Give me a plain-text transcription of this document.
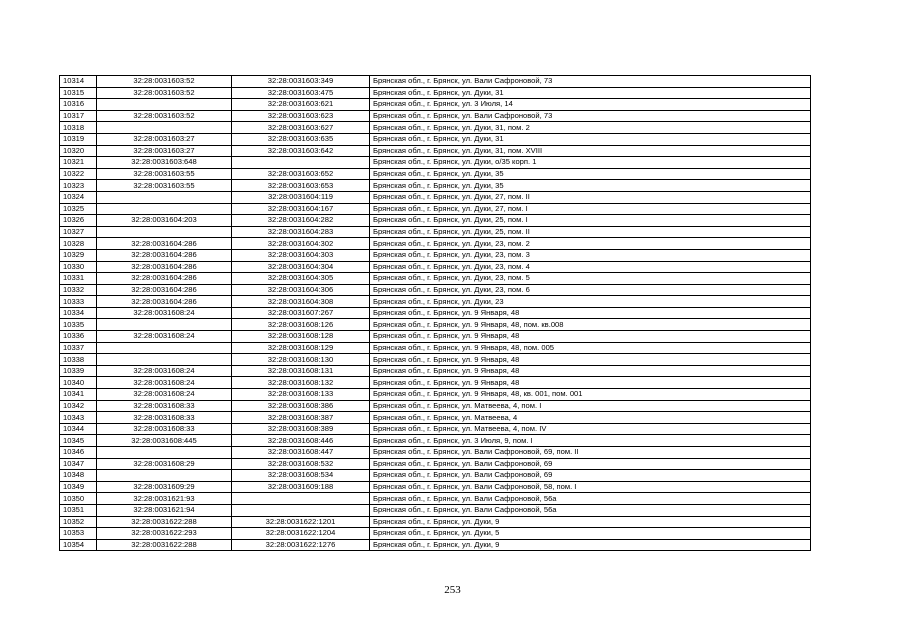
10314	32:28:0031603:52	32:28:0031603:349	Брянская обл., г. Брянск, ул. Вали Сафроновой, 73
10315	32:28:0031603:52	32:28:0031603:475	Брянская обл., г. Брянск, ул. Дуки, 31
10316		32:28:0031603:621	Брянская обл., г. Брянск, ул. 3 Июля, 14
10317	32:28:0031603:52	32:28:0031603:623	Брянская обл., г. Брянск, ул. Вали Сафроновой, 73
10318		32:28:0031603:627	Брянская обл., г. Брянск, ул. Дуки, 31, пом. 2
10319	32:28:0031603:27	32:28:0031603:635	Брянская обл., г. Брянск, ул. Дуки, 31
10320	32:28:0031603:27	32:28:0031603:642	Брянская обл., г. Брянск, ул. Дуки, 31, пом. XVIII
10321	32:28:0031603:648		Брянская обл., г. Брянск, ул. Дуки, о/35 корп. 1
10322	32:28:0031603:55	32:28:0031603:652	Брянская обл., г. Брянск, ул. Дуки, 35
10323	32:28:0031603:55	32:28:0031603:653	Брянская обл., г. Брянск, ул. Дуки, 35
10324		32:28:0031604:119	Брянская обл., г. Брянск, ул. Дуки, 27, пом. II
10325		32:28:0031604:167	Брянская обл., г. Брянск, ул. Дуки, 27, пом. I
10326	32:28:0031604:203	32:28:0031604:282	Брянская обл., г. Брянск, ул. Дуки, 25, пом. I
10327		32:28:0031604:283	Брянская обл., г. Брянск, ул. Дуки, 25, пом. II
10328	32:28:0031604:286	32:28:0031604:302	Брянская обл., г. Брянск, ул. Дуки, 23, пом. 2
10329	32:28:0031604:286	32:28:0031604:303	Брянская обл., г. Брянск, ул. Дуки, 23, пом. 3
10330	32:28:0031604:286	32:28:0031604:304	Брянская обл., г. Брянск, ул. Дуки, 23, пом. 4
10331	32:28:0031604:286	32:28:0031604:305	Брянская обл., г. Брянск, ул. Дуки, 23, пом. 5
10332	32:28:0031604:286	32:28:0031604:306	Брянская обл., г. Брянск, ул. Дуки, 23, пом. 6
10333	32:28:0031604:286	32:28:0031604:308	Брянская обл., г. Брянск, ул. Дуки, 23
10334	32:28:0031608:24	32:28:0031607:267	Брянская обл., г. Брянск, ул. 9 Января, 48
10335		32:28:0031608:126	Брянская обл., г. Брянск, ул. 9 Января, 48, пом. кв.008
10336	32:28:0031608:24	32:28:0031608:128	Брянская обл., г. Брянск, ул. 9 Января, 48
10337		32:28:0031608:129	Брянская обл., г. Брянск, ул. 9 Января, 48, пом. 005
10338		32:28:0031608:130	Брянская обл., г. Брянск, ул. 9 Января, 48
10339	32:28:0031608:24	32:28:0031608:131	Брянская обл., г. Брянск, ул. 9 Января, 48
10340	32:28:0031608:24	32:28:0031608:132	Брянская обл., г. Брянск, ул. 9 Января, 48
10341	32:28:0031608:24	32:28:0031608:133	Брянская обл., г. Брянск, ул. 9 Января, 48, кв. 001, пом. 001
10342	32:28:0031608:33	32:28:0031608:386	Брянская обл., г. Брянск, ул. Матвеева, 4, пом. I
10343	32:28:0031608:33	32:28:0031608:387	Брянская обл., г. Брянск, ул. Матвеева, 4
10344	32:28:0031608:33	32:28:0031608:389	Брянская обл., г. Брянск, ул. Матвеева, 4, пом. IV
10345	32:28:0031608:445	32:28:0031608:446	Брянская обл., г. Брянск, ул. 3 Июля, 9, пом. I
10346		32:28:0031608:447	Брянская обл., г. Брянск, ул. Вали Сафроновой, 69, пом. II
10347	32:28:0031608:29	32:28:0031608:532	Брянская обл., г. Брянск, ул. Вали Сафроновой, 69
10348		32:28:0031608:534	Брянская обл., г. Брянск, ул. Вали Сафроновой, 69
10349	32:28:0031609:29	32:28:0031609:188	Брянская обл., г. Брянск, ул. Вали Сафроновой, 58, пом. I
10350	32:28:0031621:93		Брянская обл., г. Брянск, ул. Вали Сафроновой, 56а
10351	32:28:0031621:94		Брянская обл., г. Брянск, ул. Вали Сафроновой, 56а
10352	32:28:0031622:288	32:28:0031622:1201	Брянская обл., г. Брянск, ул. Дуки, 9
10353	32:28:0031622:293	32:28:0031622:1204	Брянская обл., г. Брянск, ул. Дуки, 5
10354	32:28:0031622:288	32:28:0031622:1276	Брянская обл., г. Брянск, ул. Дуки, 9
253
